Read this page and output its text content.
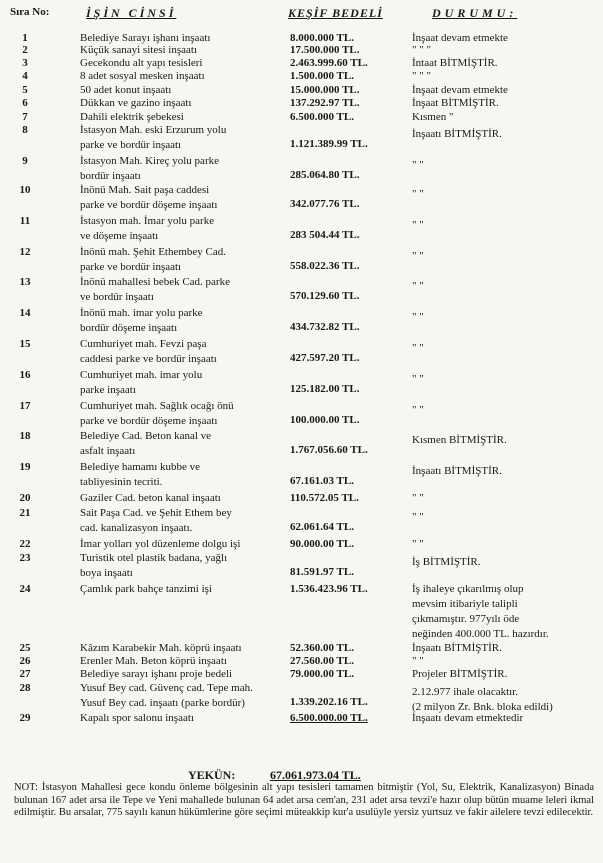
Sıra No:	İŞİN CİNSİ	KEŞİF BEDELİ	DURUMU:
1	Belediye Sarayı işhanı inşaatı	8.000.000 TL.	İnşaat devam etmekte
2	Küçük sanayi sitesi inşaatı	17.500.000 TL.	" " "
3	Gecekondu alt yapı tesisleri	2.463.999.60 TL.	İntaat BİTMİŞTİR.
4	8 adet sosyal mesken inşaatı	1.500.000 TL.	" " "
5	50 adet konut inşaatı	15.000.000 TL.	İnşaat devam etmekte
6	Dükkan ve gazino inşaatı	137.292.97 TL.	İnşaat BİTMİŞTİR.
7	Dahili elektrik şebekesi	6.500.000 TL.	Kısmen "
8	İstasyon Mah. eski Erzurum yolu
parke ve bordür inşaatı	1.121.389.99 TL.
İnşaatı BİTMİŞTİR.
9	İstasyon Mah. Kireç yolu parke
bordür inşaatı	285.064.80 TL.
" "
10	İnönü Mah. Sait paşa caddesi
parke ve bordür döşeme inşaatı	342.077.76 TL.
" "
11	İstasyon mah. İmar yolu parke
ve döşeme inşaatı	283 504.44 TL.
" "
12	İnönü mah. Şehit Ethembey Cad.
parke ve bordür inşaatı	558.022.36 TL.
" "
13	İnönü mahallesi bebek Cad. parke
ve bordür inşaatı	570.129.60 TL.
" "
14	İnönü mah. imar yolu parke
bordür döşeme inşaatı	434.732.82 TL.
" "
15	Cumhuriyet mah. Fevzi paşa
caddesi parke ve bordür inşaatı	427.597.20 TL.
" "
16	Cumhuriyet mah. imar yolu
parke inşaatı	125.182.00 TL.
" "
17	Cumhuriyet mah. Sağlık ocağı önü
parke ve bordür döşeme inşaatı	100.000.00 TL.
" "
18	Belediye Cad. Beton kanal ve
asfalt inşaatı	1.767.056.60 TL.
Kısmen BİTMİŞTİR.
19	Belediye hamamı kubbe ve
tabliyesinin tecriti.	67.161.03 TL.
İnşaatı BİTMİŞTİR.
20	Gaziler Cad. beton kanal inşaatı	110.572.05 TL.	" "
21	Sait Paşa Cad. ve Şehit Ethem bey
cad. kanalizasyon inşaatı.	62.061.64 TL.
" "
22	İmar yolları yol düzenleme dolgu işi	90.000.00 TL.	" "
23	Turistik otel plastik badana, yağlı
boya inşaatı	81.591.97 TL.
İş BİTMİŞTİR.
24	Çamlık park bahçe tanzimi işi	1.536.423.96 TL.	İş ihaleye çıkarılmış olup
mevsim itibariyle talipli
çıkmamıştır. 977yılı öde
neğinden 400.000 TL. hazırdır.
25	Kâzım Karabekir Mah. köprü inşaatı	52.360.00 TL.	İnşaatı BİTMİŞTİR.
26	Erenler Mah. Beton köprü inşaatı	27.560.00 TL.	" "
27	Belediye sarayı işhanı proje bedeli	79.000.00 TL.	Projeler BİTMİŞTİR.
28	Yusuf Bey cad. Güvenç cad. Tepe mah.
Yusuf Bey cad. inşaatı (parke bordür)	1.339.202.16 TL.
2.12.977 ihale olacaktır.
(2 milyon Zr. Bnk. bloka edildi)
29	Kapalı spor salonu inşaatı	6.500.000.00 TL.	İnşaatı devam etmektedir
YEKÜN:	67.061.973.04 TL.
NOT: İstasyon Mahallesi gece kondu önleme bölgesinin alt yapı tesisleri tamamen bitmiştir (Yol, Su, Elektrik, Kanalizasyon) Binada bulunan 167 adet arsa ile Tepe ve Yeni mahallede bulunan 64 adet arsa cem'an, 231 adet arsa tevzi'e hazır olup bütün muame leleri ikmal edilmiştir. Bu arsalar, 775 sayılı kanun hükümlerine göre seçimi müteakkip kur'a usulüyle yersiz yurtsuz ve fakir ailelere tevzi edilecektir.
